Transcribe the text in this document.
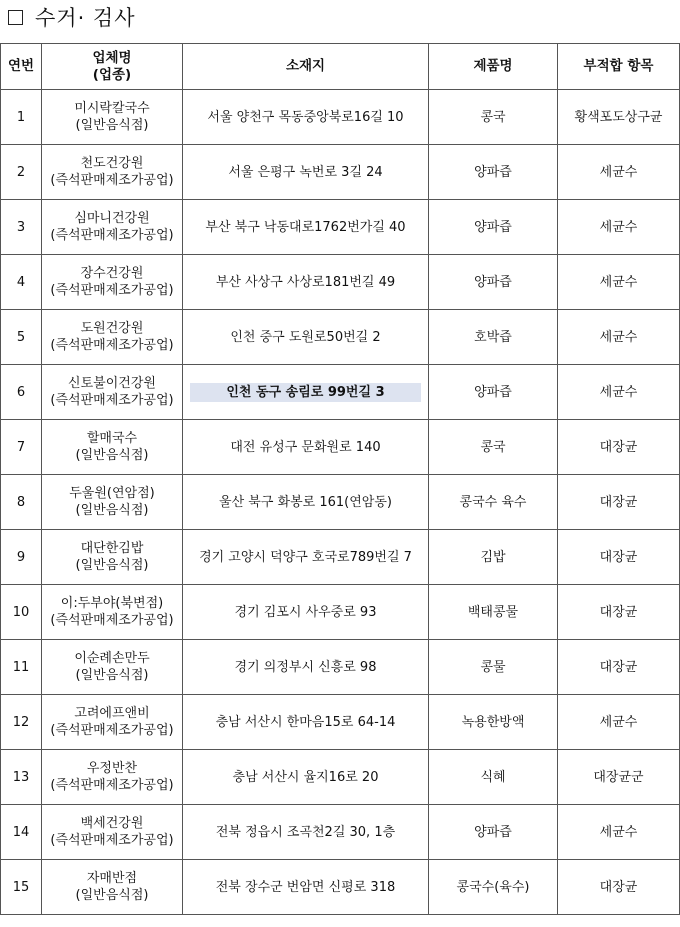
수거· 검사
연번	업체명
(업종)	소재지	제품명	부적합 항목
1	미시락칼국수
(일반음식점)	서울 양천구 목동중앙북로16길 10	콩국	황색포도상구균
2	천도건강원
(즉석판매제조가공업)	서울 은평구 녹번로 3길 24	양파즙	세균수
3	심마니건강원
(즉석판매제조가공업)	부산 북구 낙동대로1762번가길 40	양파즙	세균수
4	장수건강원
(즉석판매제조가공업)	부산 사상구 사상로181번길 49	양파즙	세균수
5	도원건강원
(즉석판매제조가공업)	인천 중구 도원로50번길 2	호박즙	세균수
6	신토불이건강원
(즉석판매제조가공업)	인천 동구 송림로 99번길 3	양파즙	세균수
7	할매국수
(일반음식점)	대전 유성구 문화원로 140	콩국	대장균
8	두울원(연암점)
(일반음식점)	울산 북구 화봉로 161(연암동)	콩국수 육수	대장균
9	대단한김밥
(일반음식점)	경기 고양시 덕양구 호국로789번길 7	김밥	대장균
10	이:두부야(북변점)
(즉석판매제조가공업)	경기 김포시 사우중로 93	백태콩물	대장균
11	이순례손만두
(일반음식점)	경기 의정부시 신흥로 98	콩물	대장균
12	고려에프앤비
(즉석판매제조가공업)	충남 서산시 한마음15로 64-14	녹용한방액	세균수
13	우정반찬
(즉석판매제조가공업)	충남 서산시 율지16로 20	식혜	대장균군
14	백세건강원
(즉석판매제조가공업)	전북 정읍시 조곡천2길 30, 1층	양파즙	세균수
15	자매반점
(일반음식점)	전북 장수군 번암면 신평로 318	콩국수(육수)	대장균
